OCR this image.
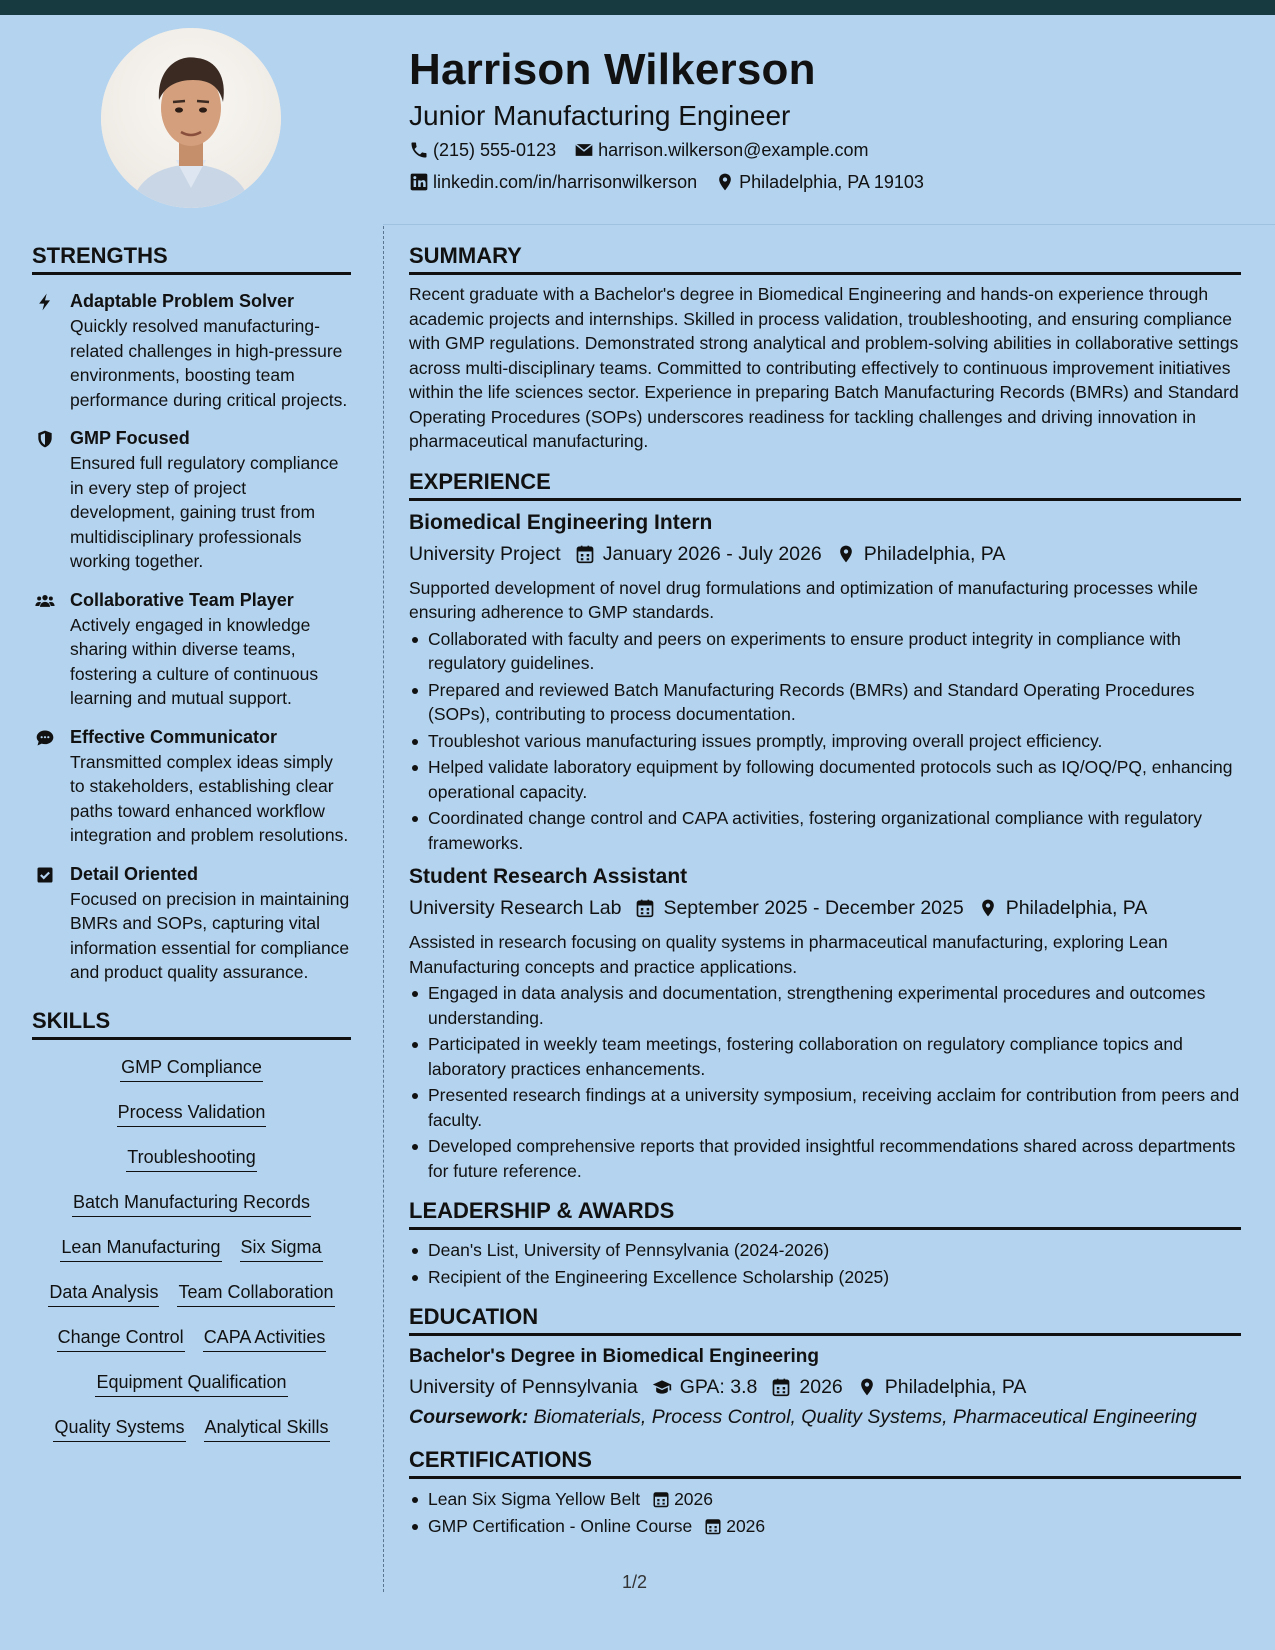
Harrison Wilkerson
Junior Manufacturing Engineer
(215) 555-0123 harrison.wilkerson@example.com
linkedin.com/in/harrisonwilkerson Philadelphia, PA 19103
STRENGTHS
Adaptable Problem Solver
Quickly resolved manufacturing-related challenges in high-pressure environments, boosting team performance during critical projects.
GMP Focused
Ensured full regulatory compliance in every step of project development, gaining trust from multidisciplinary professionals working together.
Collaborative Team Player
Actively engaged in knowledge sharing within diverse teams, fostering a culture of continuous learning and mutual support.
Effective Communicator
Transmitted complex ideas simply to stakeholders, establishing clear paths toward enhanced workflow integration and problem resolutions.
Detail Oriented
Focused on precision in maintaining BMRs and SOPs, capturing vital information essential for compliance and product quality assurance.
SKILLS
GMP Compliance
Process Validation
Troubleshooting
Batch Manufacturing Records
Lean Manufacturing Six Sigma
Data Analysis Team Collaboration
Change Control CAPA Activities
Equipment Qualification
Quality Systems Analytical Skills
SUMMARY
Recent graduate with a Bachelor's degree in Biomedical Engineering and hands-on experience through academic projects and internships. Skilled in process validation, troubleshooting, and ensuring compliance with GMP regulations. Demonstrated strong analytical and problem-solving abilities in collaborative settings across multi-disciplinary teams. Committed to contributing effectively to continuous improvement initiatives within the life sciences sector. Experience in preparing Batch Manufacturing Records (BMRs) and Standard Operating Procedures (SOPs) underscores readiness for tackling challenges and driving innovation in pharmaceutical manufacturing.
EXPERIENCE
Biomedical Engineering Intern
University Project January 2026 - July 2026 Philadelphia, PA
Supported development of novel drug formulations and optimization of manufacturing processes while ensuring adherence to GMP standards.
Collaborated with faculty and peers on experiments to ensure product integrity in compliance with regulatory guidelines.
Prepared and reviewed Batch Manufacturing Records (BMRs) and Standard Operating Procedures (SOPs), contributing to process documentation.
Troubleshot various manufacturing issues promptly, improving overall project efficiency.
Helped validate laboratory equipment by following documented protocols such as IQ/OQ/PQ, enhancing operational capacity.
Coordinated change control and CAPA activities, fostering organizational compliance with regulatory frameworks.
Student Research Assistant
University Research Lab September 2025 - December 2025 Philadelphia, PA
Assisted in research focusing on quality systems in pharmaceutical manufacturing, exploring Lean Manufacturing concepts and practice applications.
Engaged in data analysis and documentation, strengthening experimental procedures and outcomes understanding.
Participated in weekly team meetings, fostering collaboration on regulatory compliance topics and laboratory practices enhancements.
Presented research findings at a university symposium, receiving acclaim for contribution from peers and faculty.
Developed comprehensive reports that provided insightful recommendations shared across departments for future reference.
LEADERSHIP & AWARDS
Dean's List, University of Pennsylvania (2024-2026)
Recipient of the Engineering Excellence Scholarship (2025)
EDUCATION
Bachelor's Degree in Biomedical Engineering
University of Pennsylvania GPA: 3.8 2026 Philadelphia, PA
Coursework: Biomaterials, Process Control, Quality Systems, Pharmaceutical Engineering
CERTIFICATIONS
Lean Six Sigma Yellow Belt 2026
GMP Certification - Online Course 2026
1/2
